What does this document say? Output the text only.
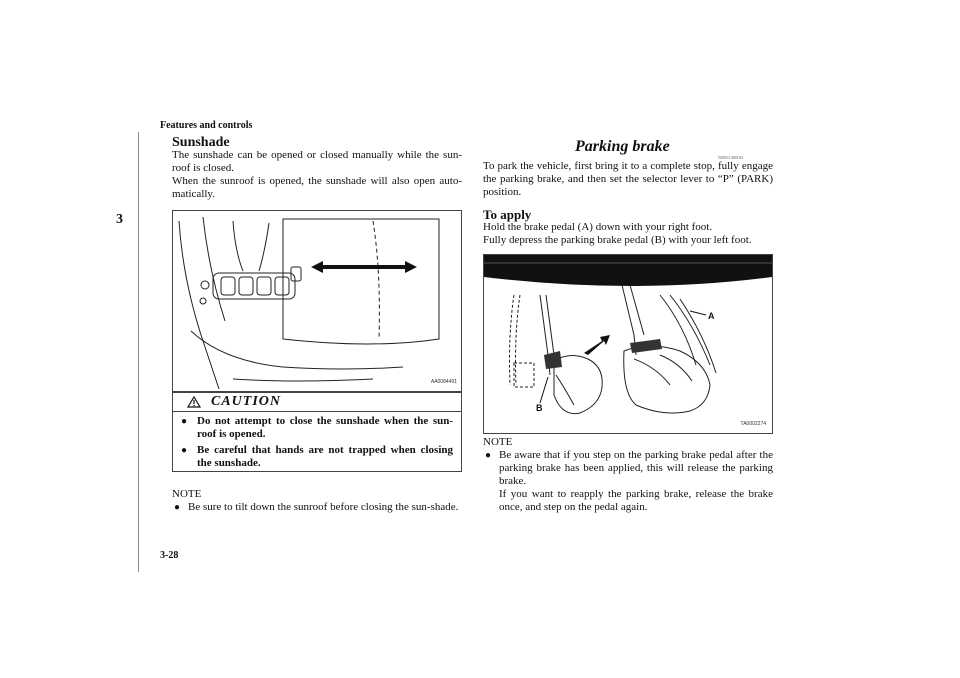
Features and controls
3
3-28
Sunshade

The sunshade can be opened or closed manually while the sun-roof is closed.

When the sunroof is opened, the sunshade will also open auto-matically.

AA0084491
CAUTION
● Do not attempt to close the sunshade when the sun-roof is opened.
● Be careful that hands are not trapped when closing the sunshade.
NOTE
● Be sure to tilt down the sunroof before closing the sun-shade.
Parking brake
N00511400184

To park the vehicle, first bring it to a complete stop, fully engage the parking brake, and then set the selector lever to “P” (PARK) position.

To apply

Hold the brake pedal (A) down with your right foot.

Fully depress the parking brake pedal (B) with your left foot.

A
B
TA0002274
NOTE
● Be aware that if you step on the parking brake pedal after the parking brake has been applied, this will release the parking brake.
If you want to reapply the parking brake, release the brake once, and step on the pedal again.
